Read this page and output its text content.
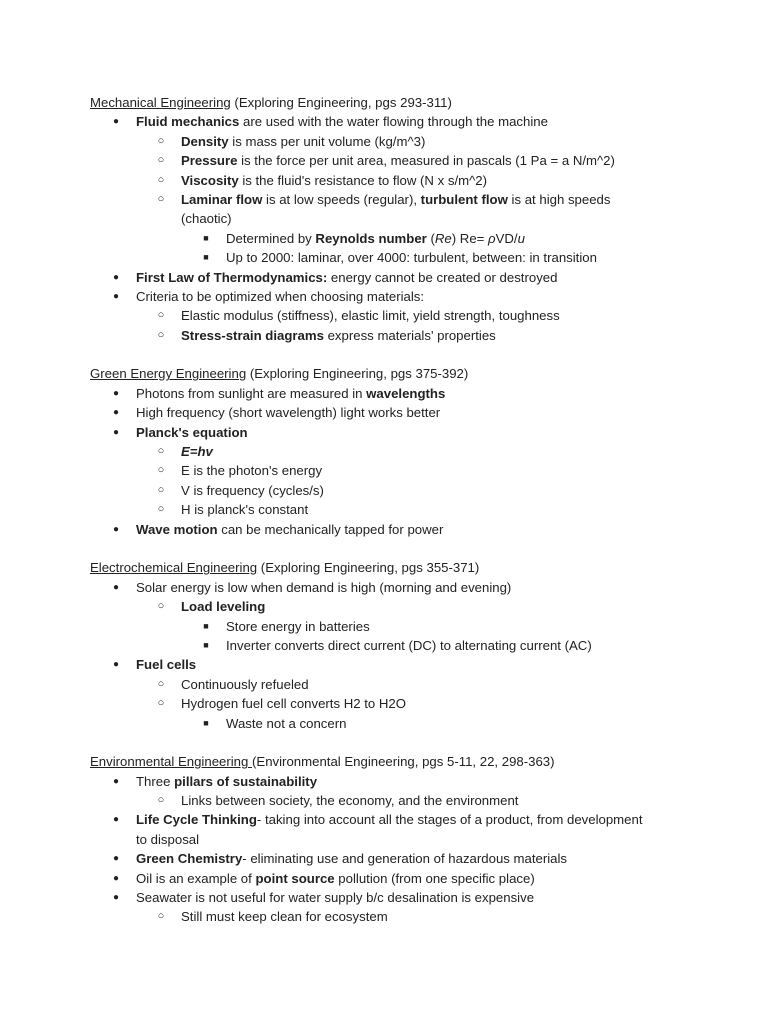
Mechanical Engineering (Exploring Engineering, pgs 293-311)
● Fluid mechanics are used with the water flowing through the machine
○ Density is mass per unit volume (kg/m^3)
○ Pressure is the force per unit area, measured in pascals (1 Pa = a N/m^2)
○ Viscosity is the fluid's resistance to flow (N x s/m^2)
○ Laminar flow is at low speeds (regular), turbulent flow is at high speeds
(chaotic)
■ Determined by Reynolds number (Re) Re= ρVD/u
■ Up to 2000: laminar, over 4000: turbulent, between: in transition
● First Law of Thermodynamics: energy cannot be created or destroyed
● Criteria to be optimized when choosing materials:
○ Elastic modulus (stiffness), elastic limit, yield strength, toughness
○ Stress-strain diagrams express materials' properties
Green Energy Engineering (Exploring Engineering, pgs 375-392)
● Photons from sunlight are measured in wavelengths
● High frequency (short wavelength) light works better
● Planck's equation
○ E=hv
○ E is the photon's energy
○ V is frequency (cycles/s)
○ H is planck's constant
● Wave motion can be mechanically tapped for power
Electrochemical Engineering (Exploring Engineering, pgs 355-371)
● Solar energy is low when demand is high (morning and evening)
○ Load leveling
■ Store energy in batteries
■ Inverter converts direct current (DC) to alternating current (AC)
● Fuel cells
○ Continuously refueled
○ Hydrogen fuel cell converts H2 to H2O
■ Waste not a concern
Environmental Engineering (Environmental Engineering, pgs 5-11, 22, 298-363)
● Three pillars of sustainability
○ Links between society, the economy, and the environment
● Life Cycle Thinking- taking into account all the stages of a product, from development
to disposal
● Green Chemistry- eliminating use and generation of hazardous materials
● Oil is an example of point source pollution (from one specific place)
● Seawater is not useful for water supply b/c desalination is expensive
○ Still must keep clean for ecosystem
